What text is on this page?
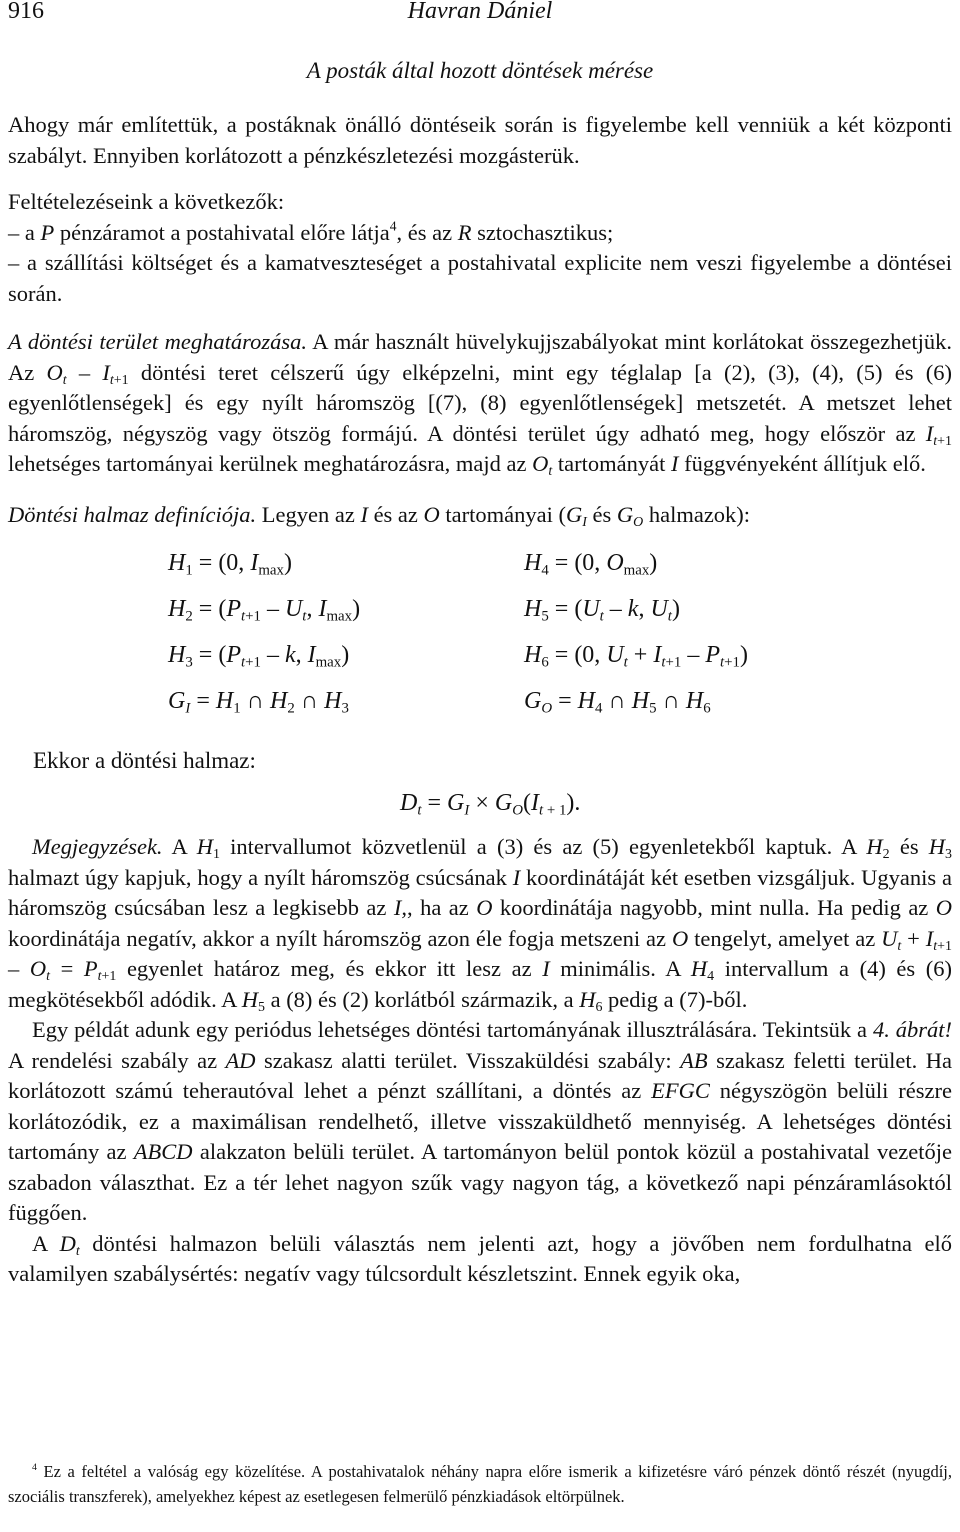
916	Havran Dániel
A posták által hozott döntések mérése

Ahogy már említettük, a postáknak önálló döntéseik során is figyelembe kell venniük a két központi szabályt. Ennyiben korlátozott a pénzkészletezési mozgásterük.

Feltételezéseink a következők:

– a P pénzáramot a postahivatal előre látja$^4$, és az R sztochasztikus;

– a szállítási költséget és a kamatveszteséget a postahivatal explicite nem veszi figyelembe a döntései során.

A döntési terület meghatározása. A már használt hüvelykujjszabályokat mint korlátokat összegezhetjük. Az $O_t - I_{t+1}$ döntési teret célszerű úgy elképzelni, mint egy téglalap [a (2), (3), (4), (5) és (6) egyenlőtlenségek] és egy nyílt háromszög [(7), (8) egyenlőtlenségek] metszetét. A metszet lehet háromszög, négyszög vagy ötszög formájú. A döntési terület úgy adható meg, hogy először az $I_{t+1}$ lehetséges tartományai kerülnek meghatározásra, majd az $O_t$ tartományát I függvényeként állítjuk elő.

Döntési halmaz definíciója. Legyen az I és az O tartományai ($G_I$ és $G_O$ halmazok):

$H_1 = (0$, $I_{max}$)	$H_4 = (0$, $O_{max}$)
$H_2 = (P_{t+1} - U_t$, $I_{max}$)	$H_5 = (U_t - k$, $U_t$)
$H_3 = (P_{t+1} - k$, $I_{max}$)	$H_6 = (0$, $U_t + I_{t+1} - P_{t+1}$)
$G_I = H_1$ ∩ $H_2$ ∩ $H_3$	$G_O = H_4$ ∩ $H_5$ ∩ $H_6$
Ekkor a döntési halmaz:
$D_t = G_I \times G_O(I_{t + 1})$.

Megjegyzések. A $H_1$ intervallumot közvetlenül a (3) és az (5) egyenletekből kaptuk. A $H_2$ és $H_3$ halmazt úgy kapjuk, hogy a nyílt háromszög csúcsának I koordinátáját két esetben vizsgáljuk. Ugyanis a háromszög csúcsában lesz a legkisebb az I,, ha az O koordinátája nagyobb, mint nulla. Ha pedig az O koordinátája negatív, akkor a nyílt háromszög azon éle fogja metszeni az O tengelyt, amelyet az $U_t + I_{t+1} - O_t = P_{t+1}$ egyenlet határoz meg, és ekkor itt lesz az I minimális. A $H_4$ intervallum a (4) és (6) megkötésekből adódik. A $H_5$ a (8) és (2) korlátból származik, a $H_6$ pedig a (7)-ből.

Egy példát adunk egy periódus lehetséges döntési tartományának illusztrálására. Tekintsük a 4. ábrát! A rendelési szabály az AD szakasz alatti terület. Visszaküldési szabály: AB szakasz feletti terület. Ha korlátozott számú teherautóval lehet a pénzt szállítani, a döntés az EFGC négyszögön belüli részre korlátozódik, ez a maximálisan rendelhető, illetve visszaküldhető mennyiség. A lehetséges döntési tartomány az ABCD alakzaton belüli terület. A tartományon belül pontok közül a postahivatal vezetője szabadon választhat. Ez a tér lehet nagyon szűk vagy nagyon tág, a következő napi pénzáramlásoktól függően.

A $D_t$ döntési halmazon belüli választás nem jelenti azt, hogy a jövőben nem fordulhatna elő valamilyen szabálysértés: negatív vagy túlcsordult készletszint. Ennek egyik oka,

$^4$ Ez a feltétel a valóság egy közelítése. A postahivatalok néhány napra előre ismerik a kifizetésre váró pénzek döntő részét (nyugdíj, szociális transzferek), amelyekhez képest az esetlegesen felmerülő pénzkiadások eltörpülnek.
